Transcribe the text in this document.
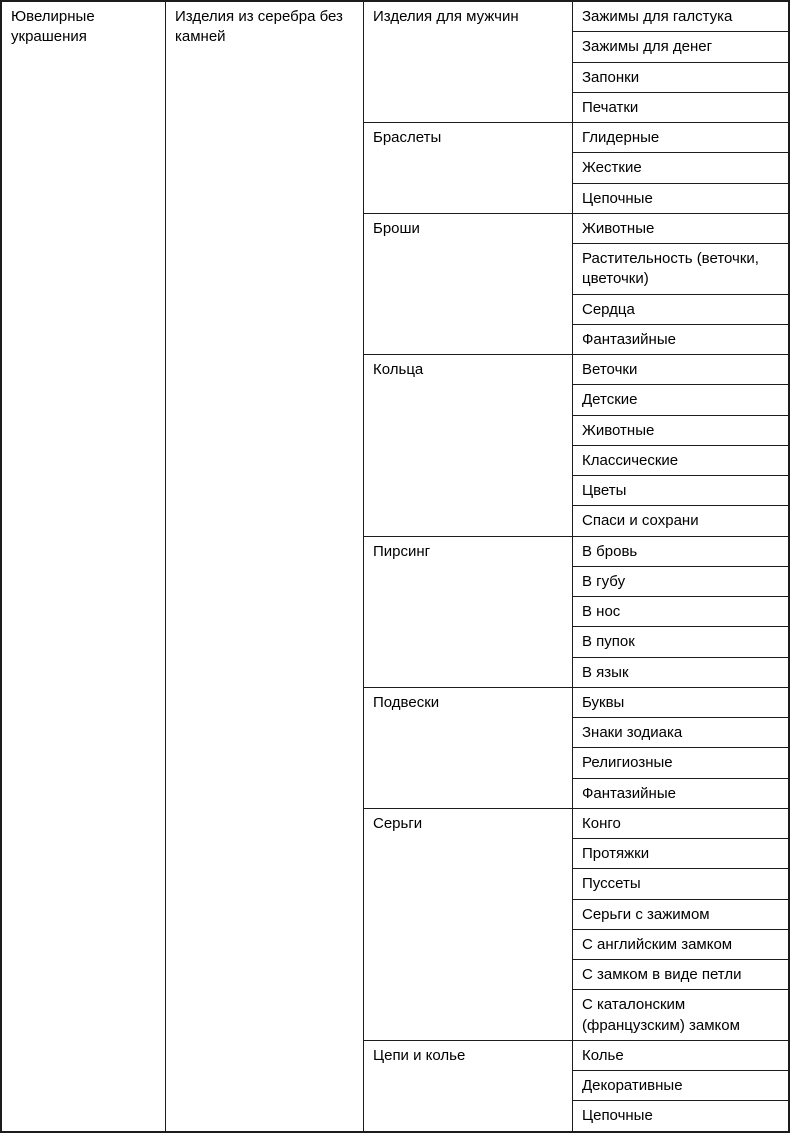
Ювелирные украшения	Изделия из серебра без камней	Изделия для мужчин	Зажимы для галстука
			Зажимы для денег
			Запонки
			Печатки
		Браслеты	Глидерные
			Жесткие
			Цепочные
		Броши	Животные
			Растительность (веточки, цветочки)
			Сердца
			Фантазийные
		Кольца	Веточки
			Детские
			Животные
			Классические
			Цветы
			Спаси и сохрани
		Пирсинг	В бровь
			В губу
			В нос
			В пупок
			В язык
		Подвески	Буквы
			Знаки зодиака
			Религиозные
			Фантазийные
		Серьги	Конго
			Протяжки
			Пуссеты
			Серьги с зажимом
			С английским замком
			С замком в виде петли
			С каталонским (французским) замком
		Цепи и колье	Колье
			Декоративные
			Цепочные
